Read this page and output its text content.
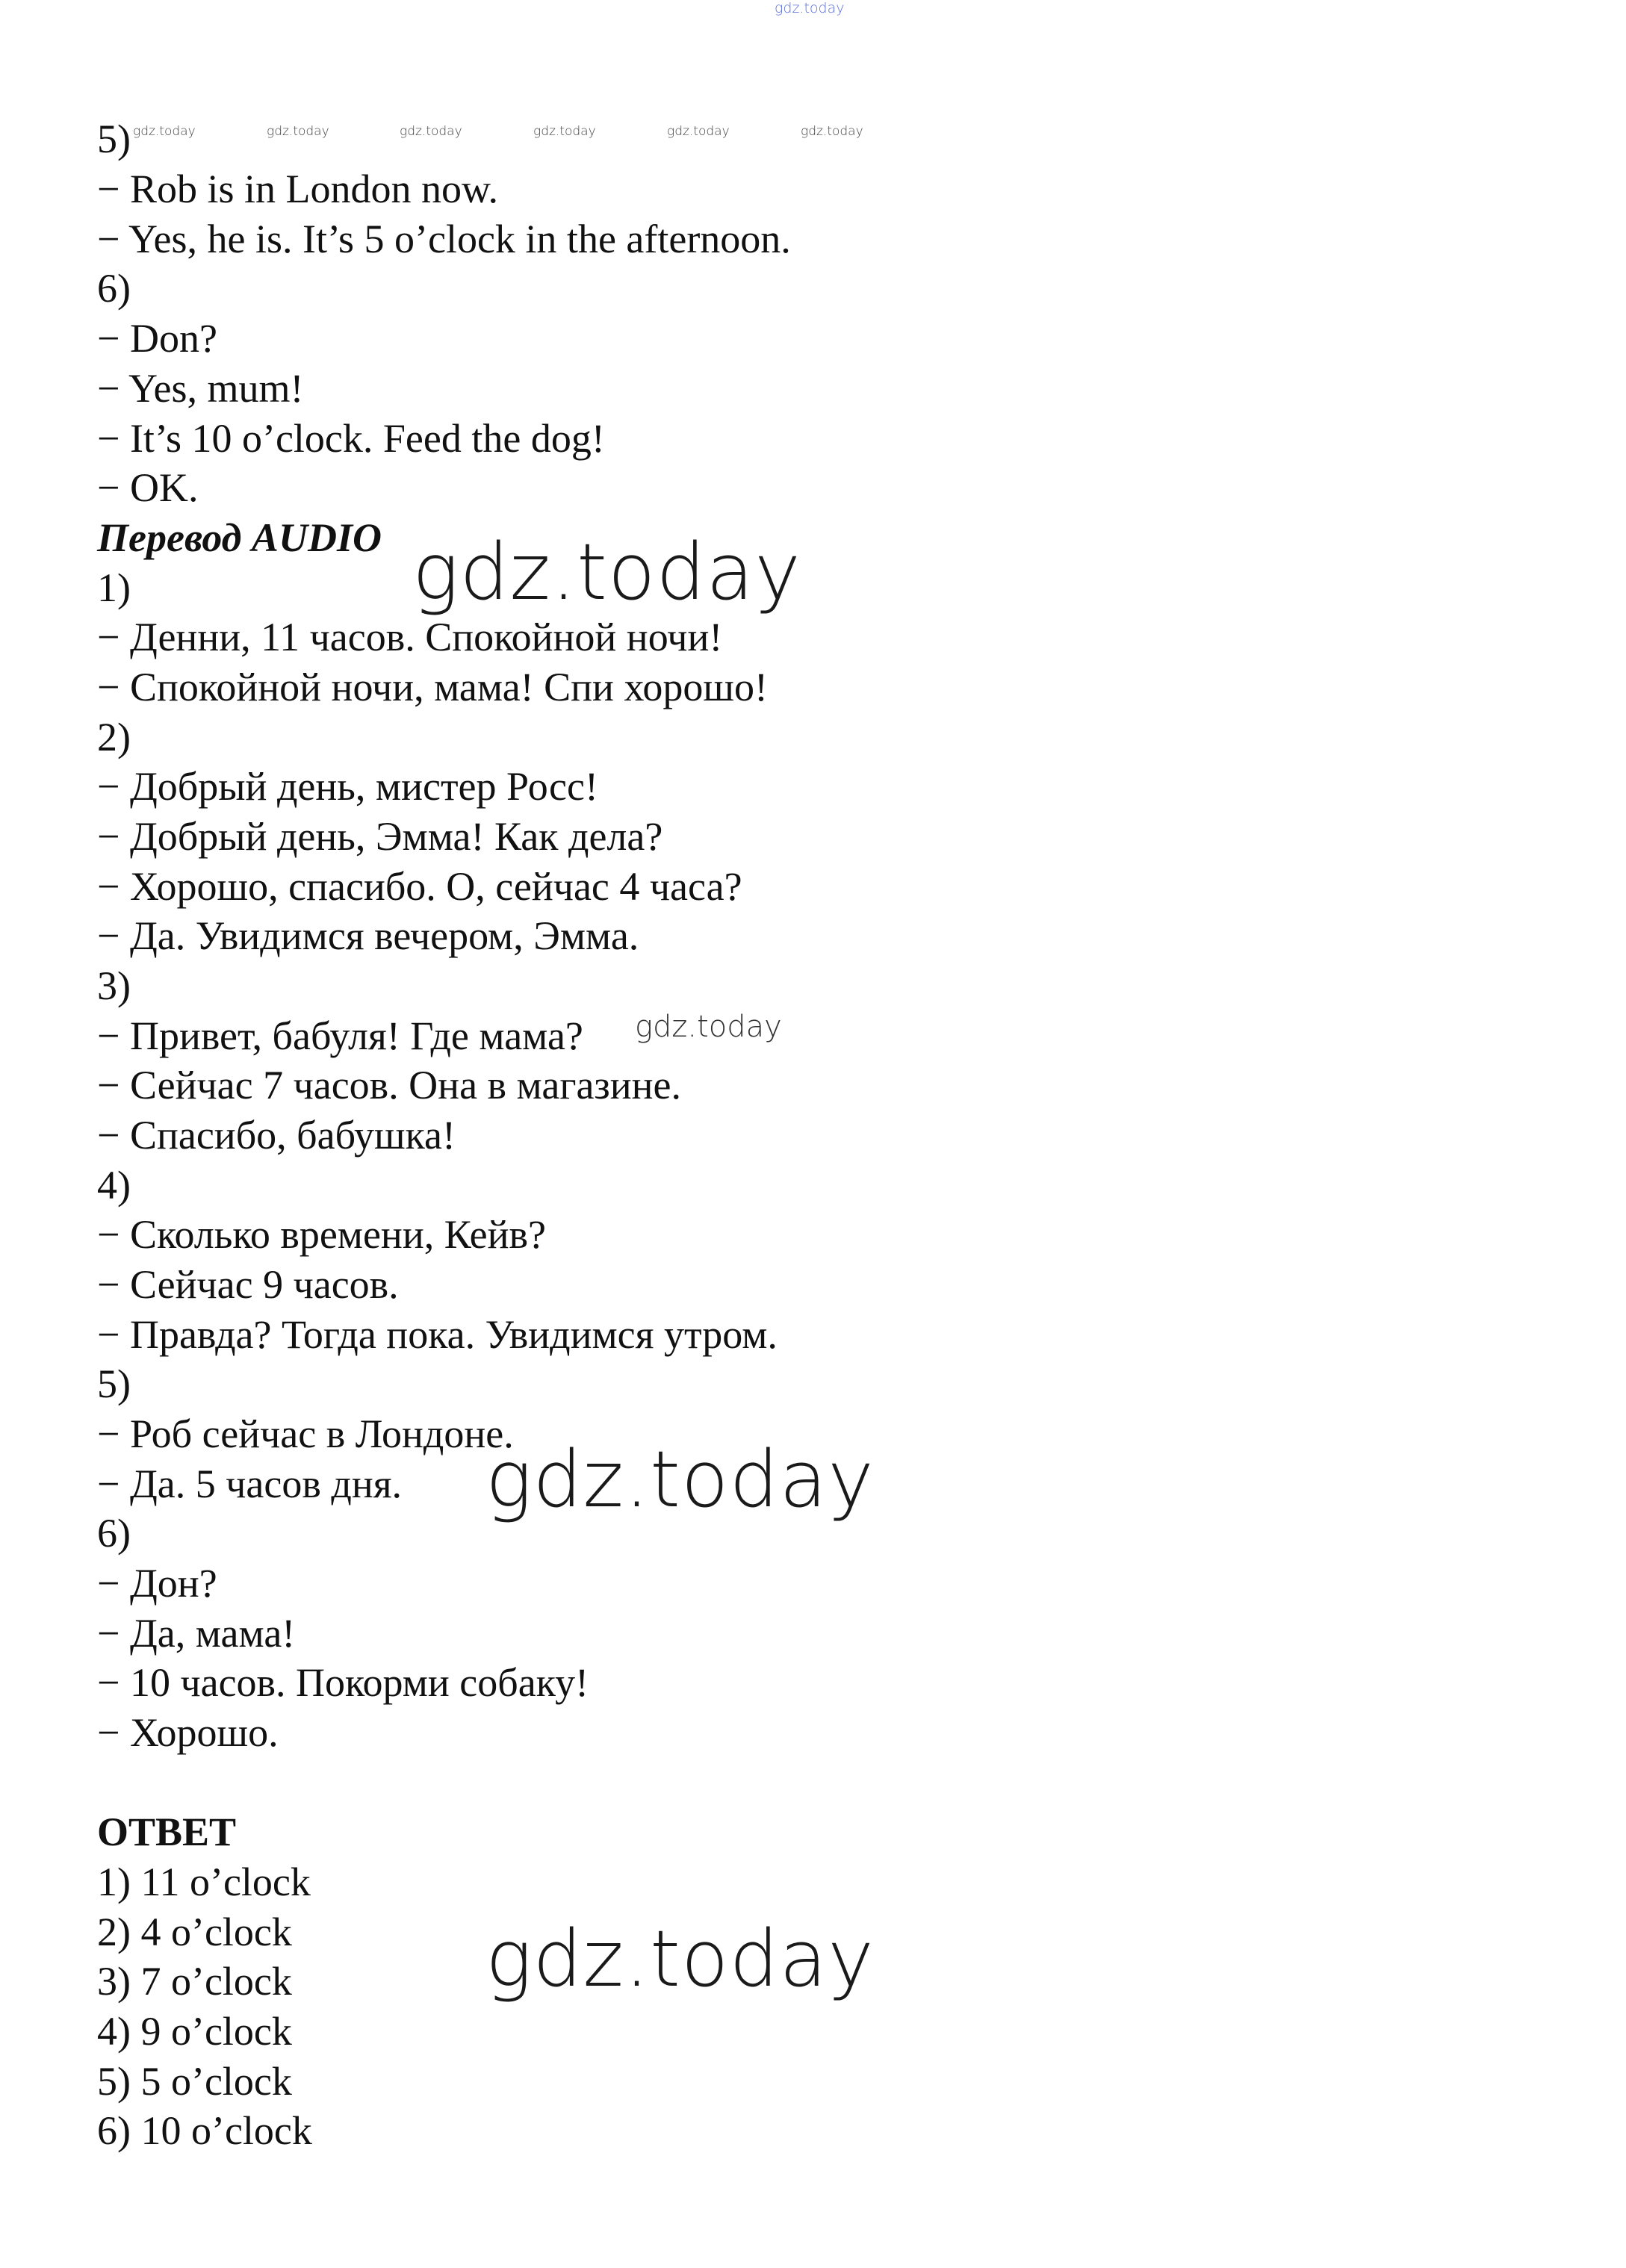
gdz.today
gdz.today	gdz.today	gdz.today	gdz.today	gdz.today	gdz.today
gdz.today
gdz.today
gdz.today
gdz.today
5)
− Rob is in London now.
− Yes, he is. It’s 5 o’clock in the afternoon.
6)
− Don?
− Yes, mum!
− It’s 10 o’clock. Feed the dog!
− OK.
Перевод AUDIO
1)
− Денни, 11 часов. Спокойной ночи!
− Спокойной ночи, мама! Спи хорошо!
2)
− Добрый день, мистер Росс!
− Добрый день, Эмма! Как дела?
− Хорошо, спасибо. О, сейчас 4 часа?
− Да. Увидимся вечером, Эмма.
3)
− Привет, бабуля! Где мама?
− Сейчас 7 часов. Она в магазине.
− Спасибо, бабушка!
4)
− Сколько времени, Кейв?
− Сейчас 9 часов.
− Правда? Тогда пока. Увидимся утром.
5)
− Роб сейчас в Лондоне.
− Да. 5 часов дня.
6)
− Дон?
− Да, мама!
− 10 часов. Покорми собаку!
− Хорошо.
ОТВЕТ
1) 11 o’clock
2) 4 o’clock
3) 7 o’clock
4) 9 o’clock
5) 5 o’clock
6) 10 o’clock
